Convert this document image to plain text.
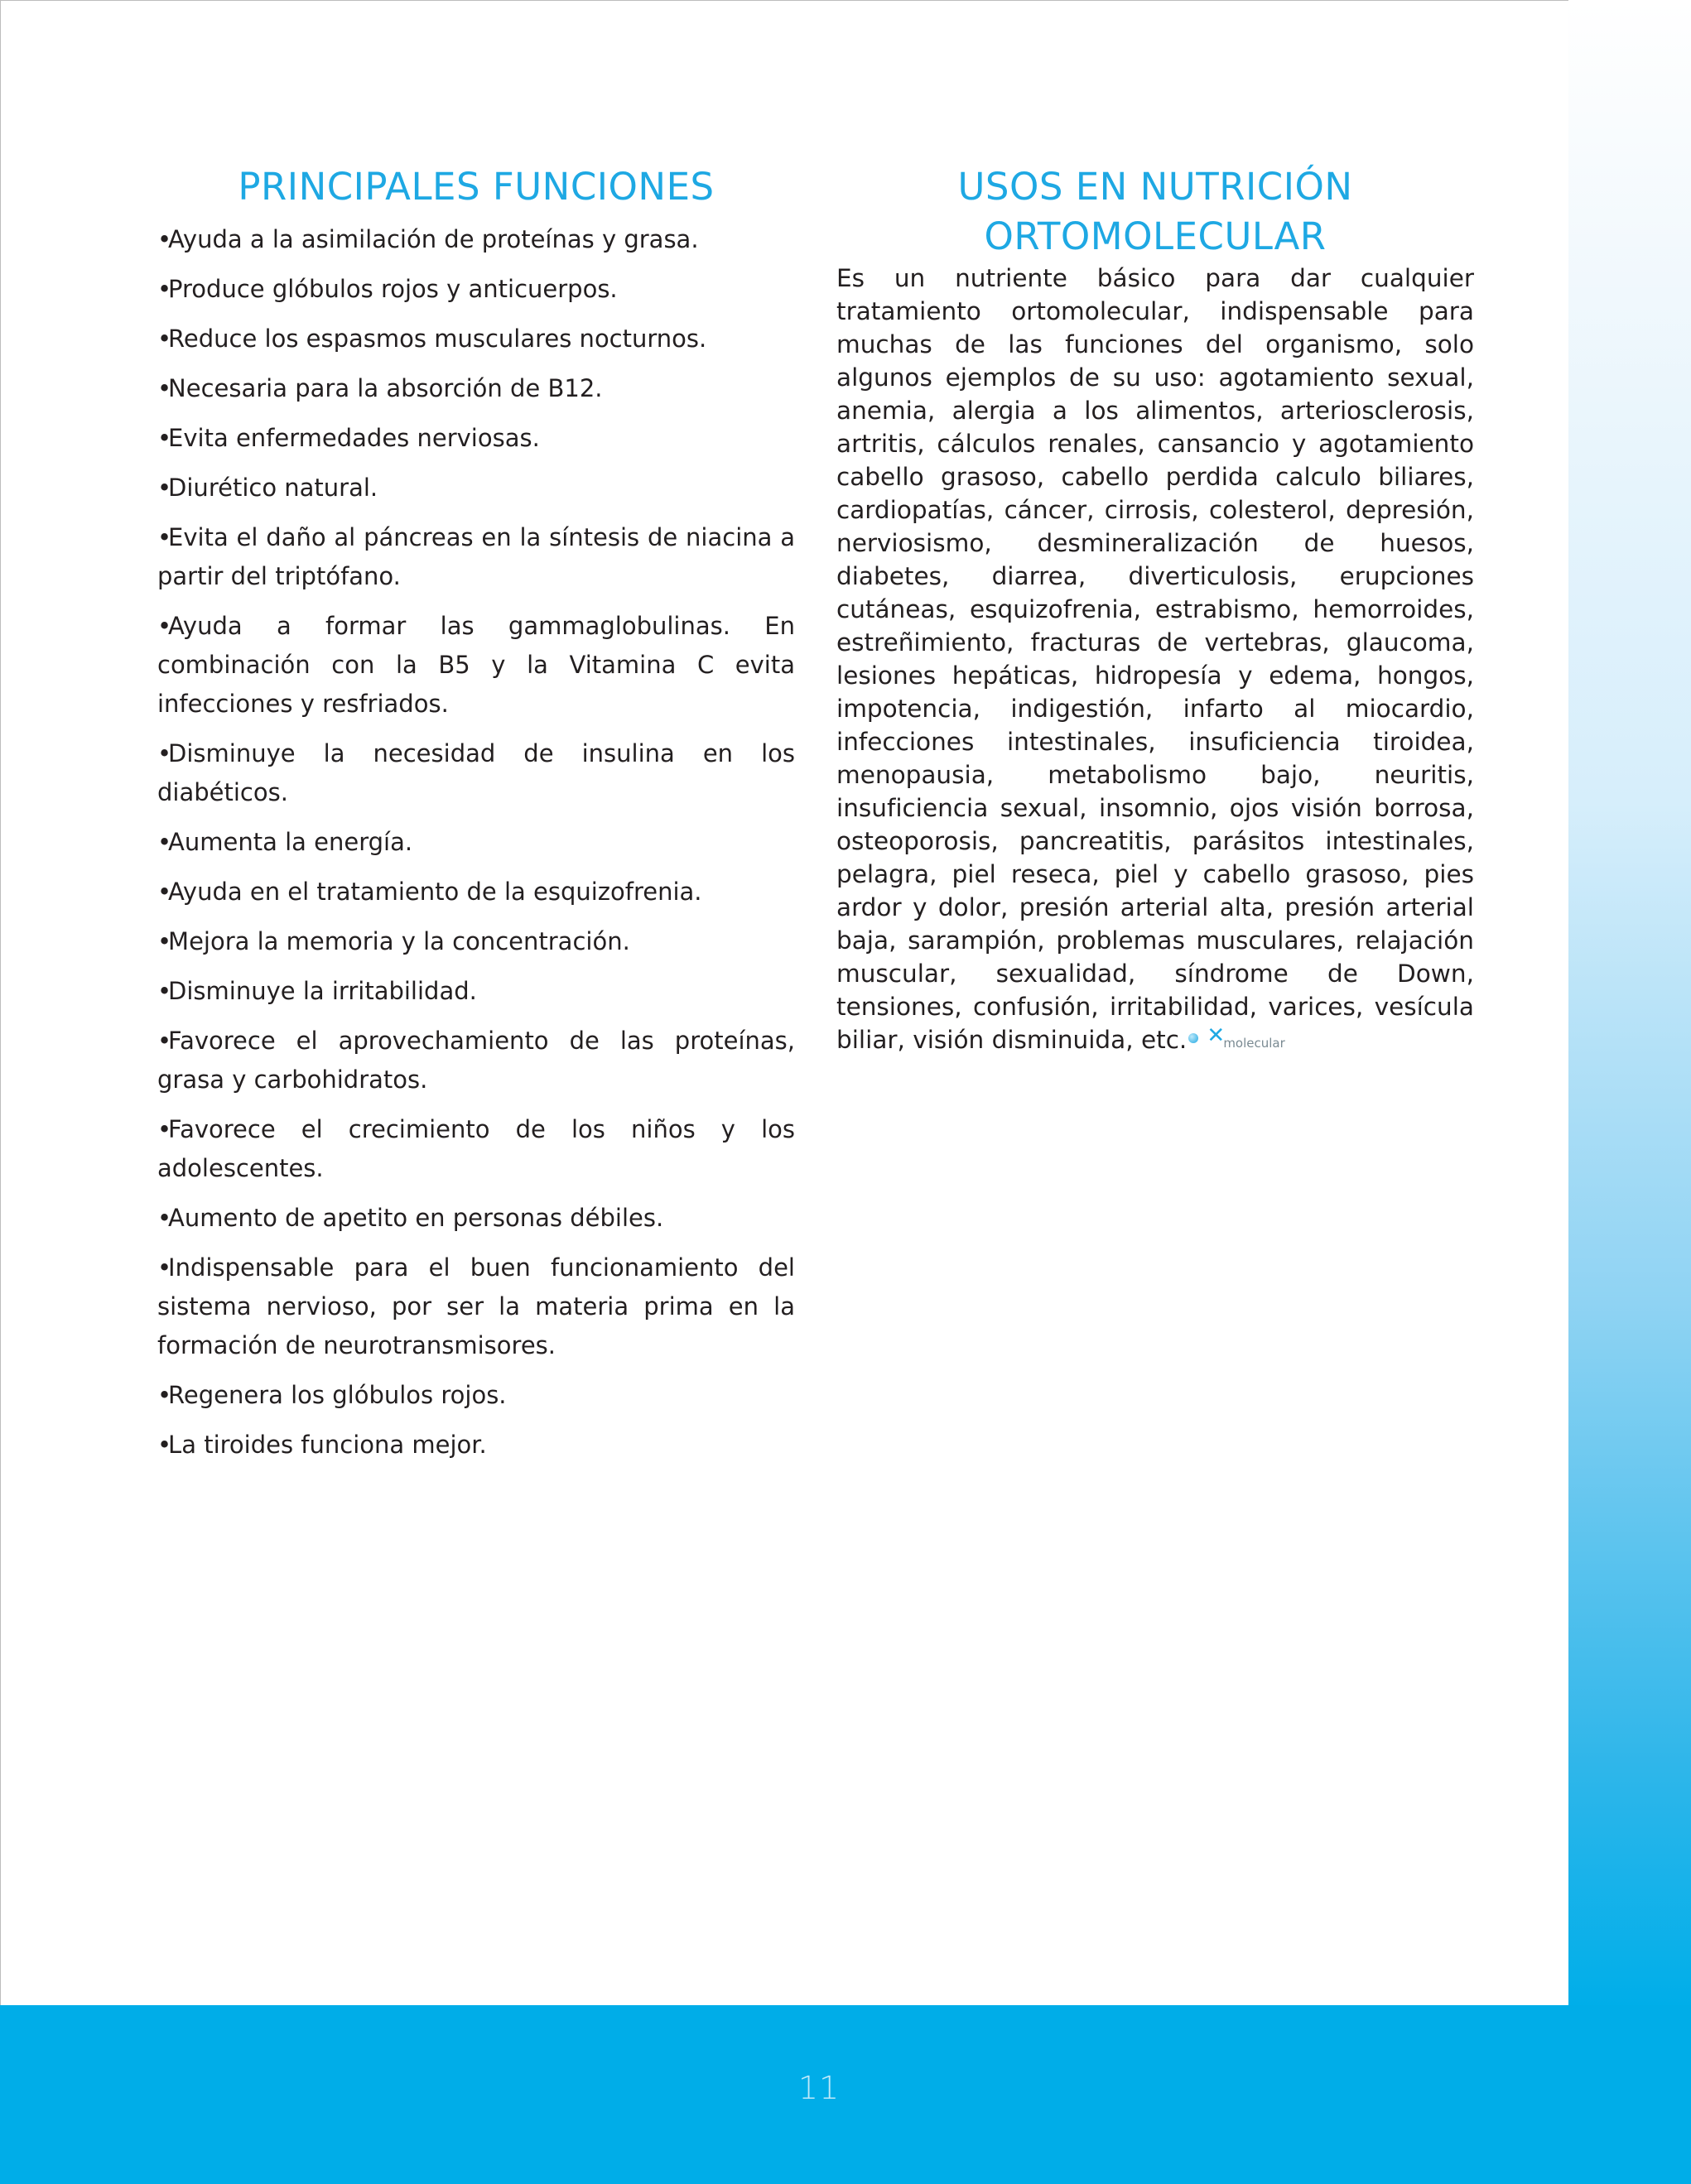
PRINCIPALES FUNCIONES
•Ayuda a la asimilación de proteínas y grasa.
•Produce glóbulos rojos y anticuerpos.
•Reduce los espasmos musculares nocturnos.
•Necesaria para la absorción de B12.
•Evita enfermedades nerviosas.
•Diurético natural.
•Evita el daño al páncreas en la síntesis de niacina a partir del triptófano.
•Ayuda a formar las gammaglobulinas. En combinación con la B5 y la Vitamina C evita infecciones y resfriados.
•Disminuye la necesidad de insulina en los diabéticos.
•Aumenta la energía.
•Ayuda en el tratamiento de la esquizofrenia.
•Mejora la memoria y la concentración.
•Disminuye la irritabilidad.
•Favorece el aprovechamiento de las proteínas, grasa y carbohidratos.
•Favorece el crecimiento de los niños y los adolescentes.
•Aumento de apetito en personas débiles.
•Indispensable para el buen funcionamiento del sistema nervioso, por ser la materia prima en la formación de neurotransmisores.
•Regenera los glóbulos rojos.
•La tiroides funciona mejor.
USOS EN NUTRICIÓN ORTOMOLECULAR

Es un nutriente básico para dar cualquier tratamiento ortomolecular, indispensable para muchas de las funciones del organismo, solo algunos ejemplos de su uso: agotamiento sexual, anemia, alergia a los alimentos, arteriosclerosis, artritis, cálculos renales, cansancio y agotamiento cabello grasoso, cabello perdida calculo biliares, cardiopatías, cáncer, cirrosis, colesterol, depresión, nerviosismo, desmineralización de huesos, diabetes, diarrea, diverticulosis, erupciones cutáneas, esquizofrenia, estrabismo, hemorroides, estreñimiento, fracturas de vertebras, glaucoma, lesiones hepáticas, hidropesía y edema, hongos, impotencia, indigestión, infarto al miocardio, infecciones intestinales, insuficiencia tiroidea, menopausia, metabolismo bajo, neuritis, insuficiencia sexual, insomnio, ojos visión borrosa, osteoporosis, pancreatitis, parásitos intestinales, pelagra, piel reseca, piel y cabello grasoso, pies ardor y dolor, presión arterial alta, presión arterial baja, sarampión, problemas musculares, relajación muscular, sexualidad, síndrome de Down, tensiones, confusión, irritabilidad, varices, vesícula biliar, visión disminuida, etc. ✕
molecular

11
